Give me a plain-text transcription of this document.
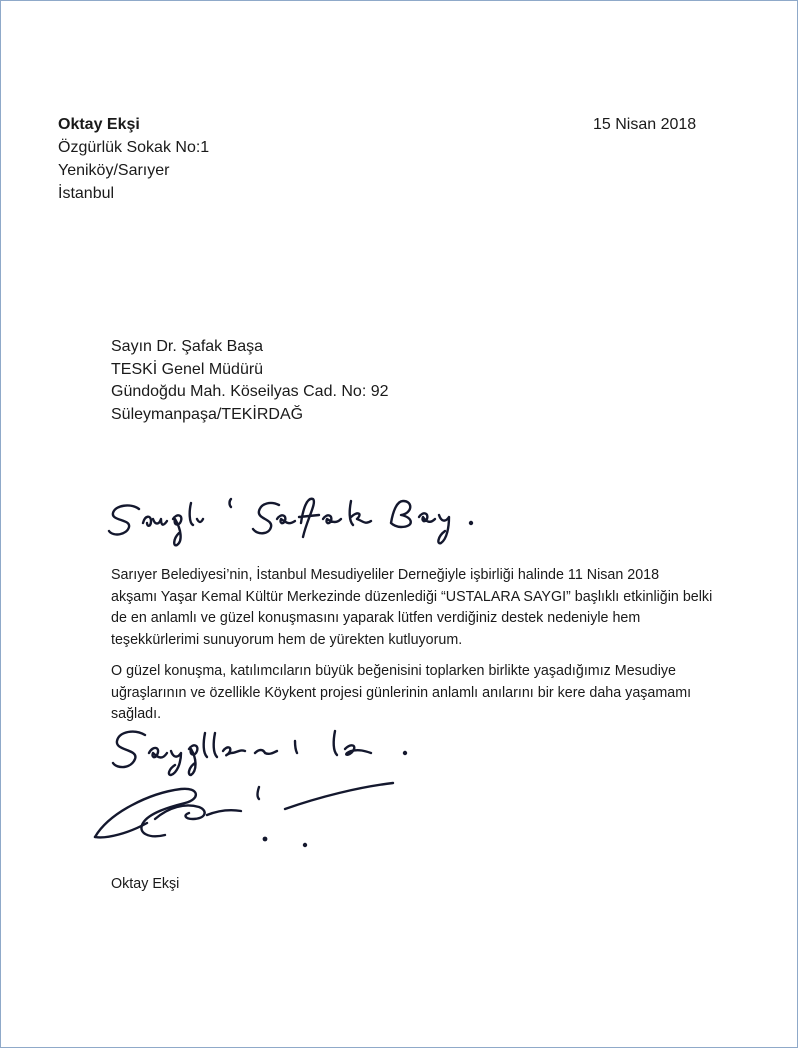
Oktay Ekşi
Özgürlük Sokak No:1
Yeniköy/Sarıyer
İstanbul
15 Nisan 2018
Sayın Dr. Şafak Başa
TESKİ Genel Müdürü
Gündoğdu Mah. Köseilyas Cad. No: 92
Süleymanpaşa/TEKİRDAĞ
Sarıyer Belediyesi’nin, İstanbul Mesudiyeliler Derneğiyle işbirliği halinde 11 Nisan 2018
akşamı Yaşar Kemal Kültür Merkezinde düzenlediği “USTALARA SAYGI” başlıklı etkinliğin belki
de en anlamlı ve güzel konuşmasını yaparak lütfen verdiğiniz destek nedeniyle hem
teşekkürlerimi sunuyorum hem de yürekten kutluyorum.
O güzel konuşma, katılımcıların büyük beğenisini toplarken birlikte yaşadığımız Mesudiye
uğraşlarının ve özellikle Köykent projesi günlerinin anlamlı anılarını bir kere daha yaşamamı
sağladı.
Oktay Ekşi
